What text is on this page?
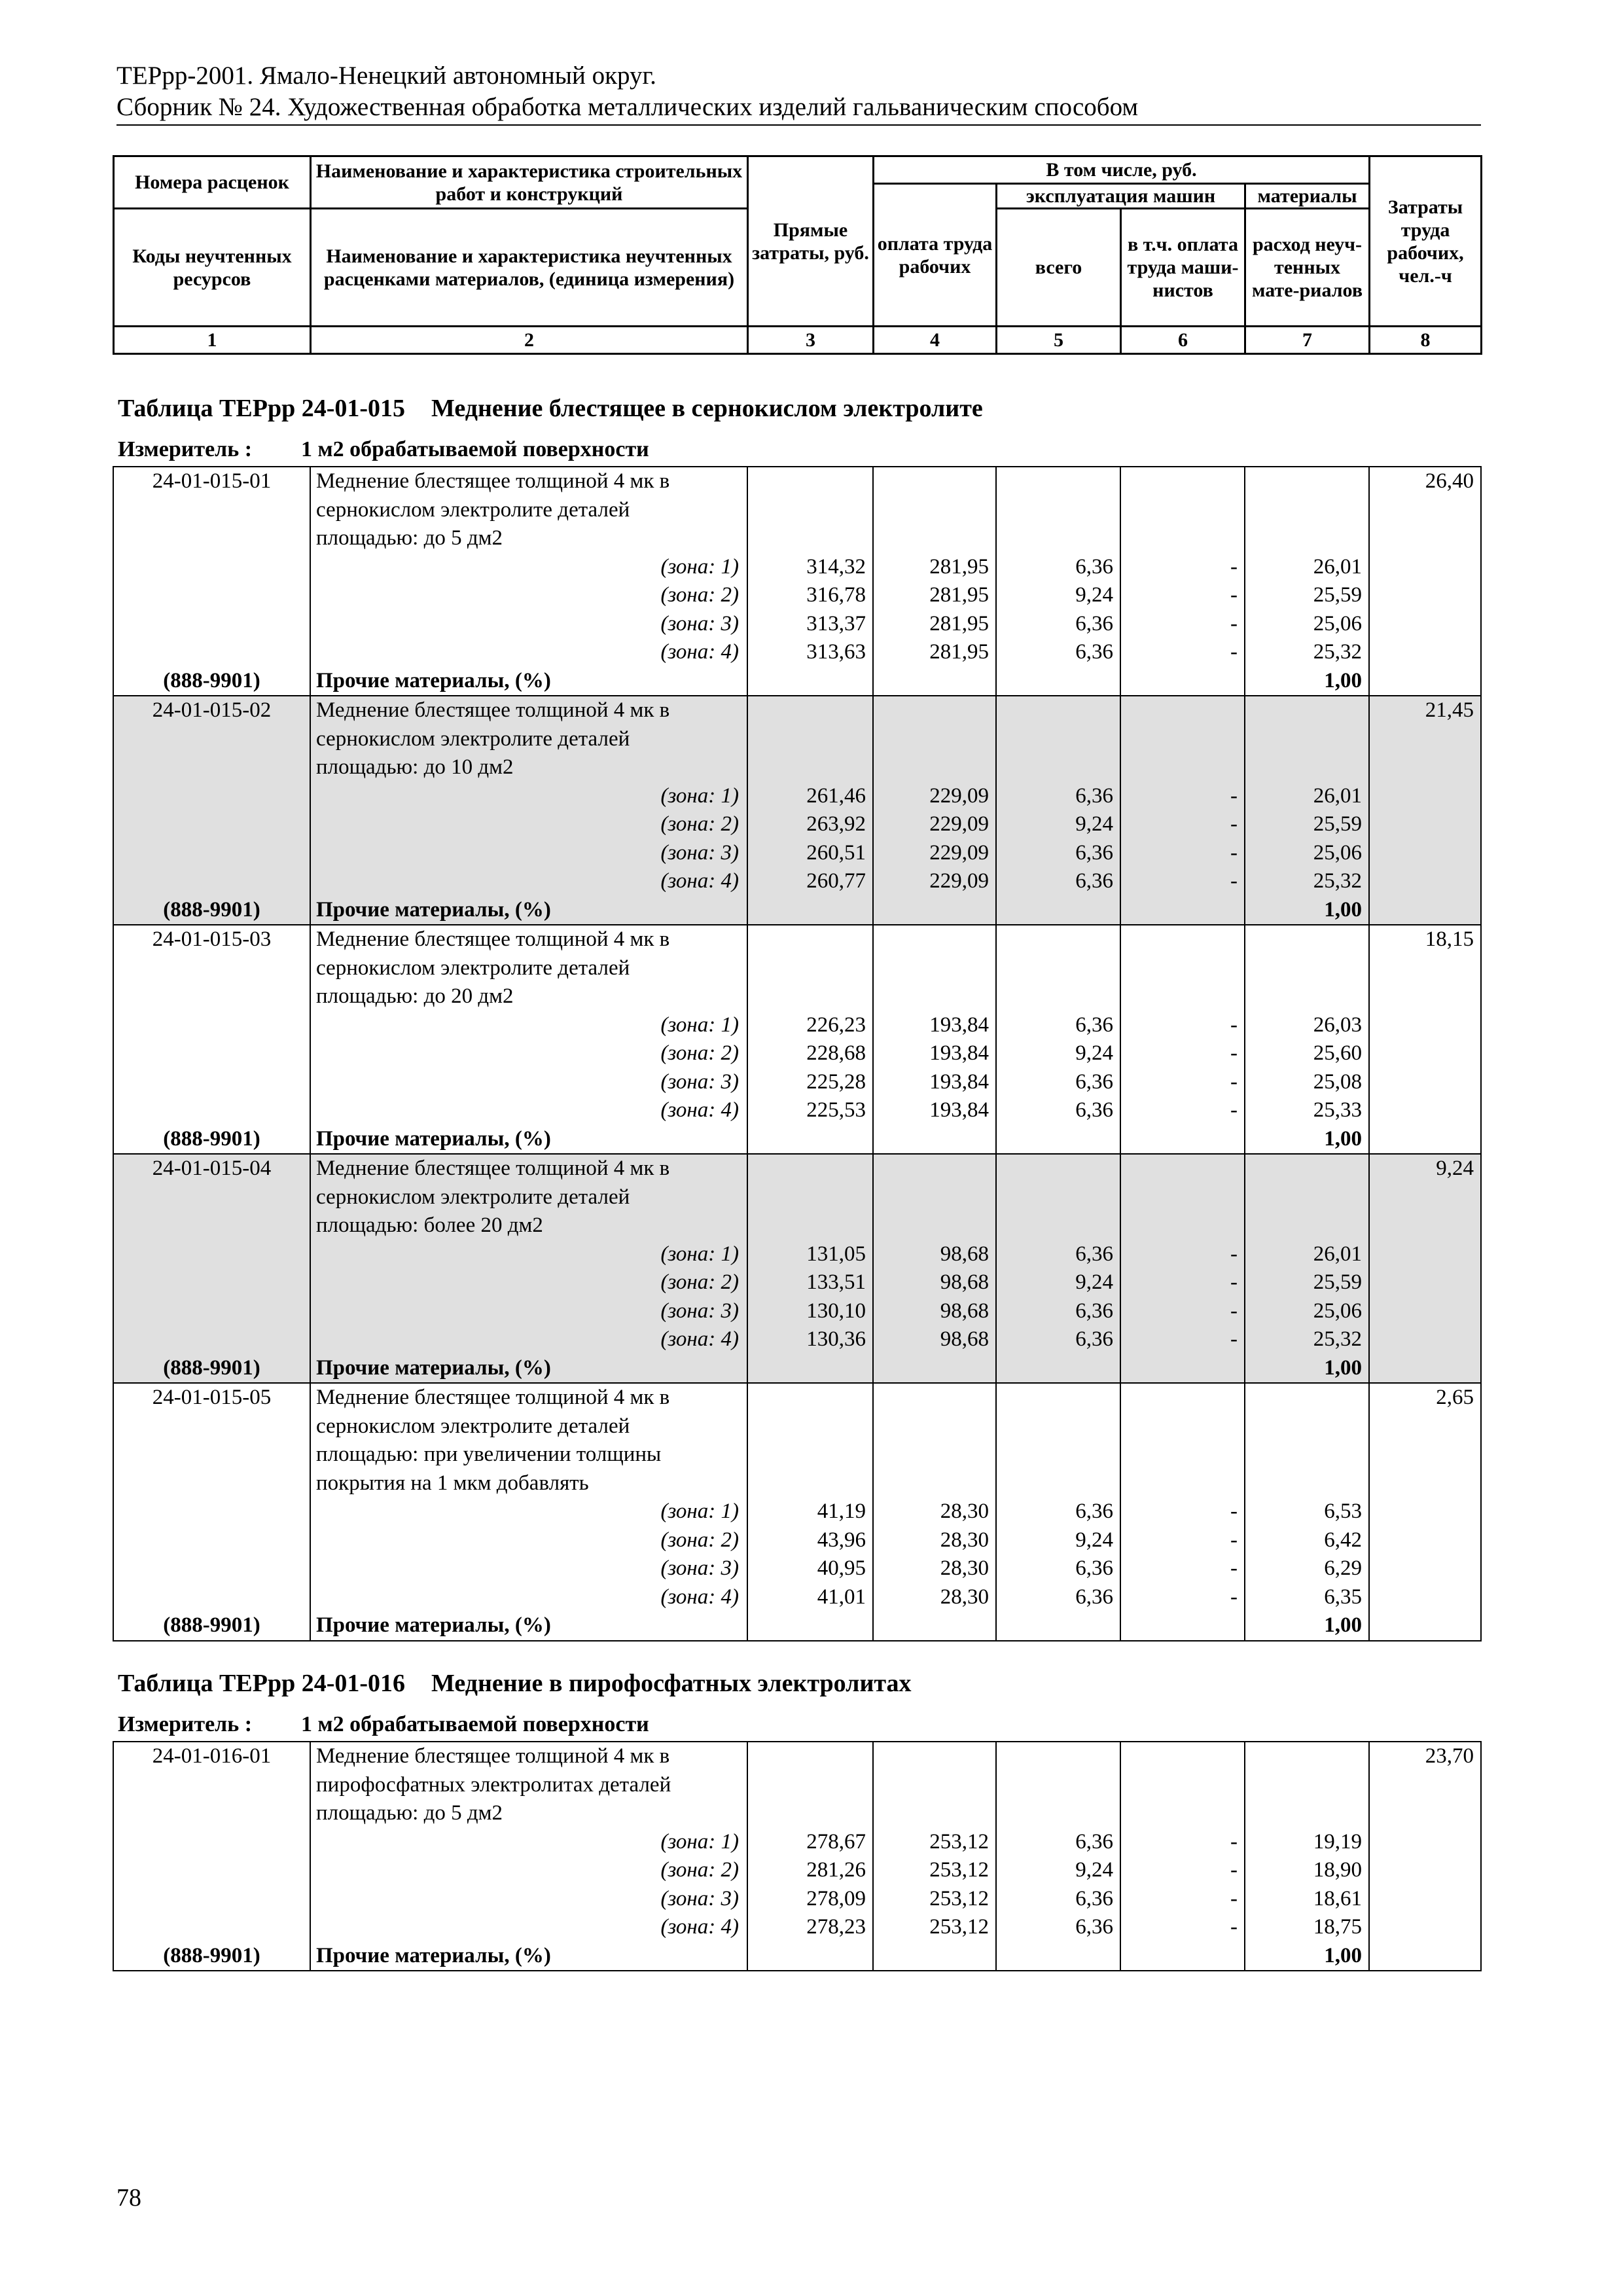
ТЕРрр-2001. Ямало-Ненецкий автономный округ.
Сборник № 24. Художественная обработка металлических изделий гальваническим способом
Номера расценок	Наименование и характеристика строительных работ и конструкций	Прямые затраты, руб.	В том числе, руб.				Затраты труда рабочих, чел.-ч
			оплата труда рабочих	эксплуатация машин		материалы	
Коды неучтенных ресурсов	Наименование и характеристика неучтенных расценками материалов, (единица измерения)			всего	в т.ч. оплата труда маши-нистов	расход неуч-тенных мате-риалов	

1	2	3	4	5	6	7	8
Таблица ТЕРрр 24-01-015 Меднение блестящее в сернокислом электролите
Измеритель : 1 м2 обрабатываемой поверхности
24-01-015-01	Меднение блестящее толщиной 4 мк в						26,40
	сернокислом электролите деталей						
	площадью: до 5 дм2						
	(зона: 1)	314,32	281,95	6,36	-	26,01	
	(зона: 2)	316,78	281,95	9,24	-	25,59	
	(зона: 3)	313,37	281,95	6,36	-	25,06	
	(зона: 4)	313,63	281,95	6,36	-	25,32	
(888-9901)	Прочие материалы, (%)					1,00	
24-01-015-02	Меднение блестящее толщиной 4 мк в						21,45
	сернокислом электролите деталей						
	площадью: до 10 дм2						
	(зона: 1)	261,46	229,09	6,36	-	26,01	
	(зона: 2)	263,92	229,09	9,24	-	25,59	
	(зона: 3)	260,51	229,09	6,36	-	25,06	
	(зона: 4)	260,77	229,09	6,36	-	25,32	
(888-9901)	Прочие материалы, (%)					1,00	
24-01-015-03	Меднение блестящее толщиной 4 мк в						18,15
	сернокислом электролите деталей						
	площадью: до 20 дм2						
	(зона: 1)	226,23	193,84	6,36	-	26,03	
	(зона: 2)	228,68	193,84	9,24	-	25,60	
	(зона: 3)	225,28	193,84	6,36	-	25,08	
	(зона: 4)	225,53	193,84	6,36	-	25,33	
(888-9901)	Прочие материалы, (%)					1,00	
24-01-015-04	Меднение блестящее толщиной 4 мк в						9,24
	сернокислом электролите деталей						
	площадью: более 20 дм2						
	(зона: 1)	131,05	98,68	6,36	-	26,01	
	(зона: 2)	133,51	98,68	9,24	-	25,59	
	(зона: 3)	130,10	98,68	6,36	-	25,06	
	(зона: 4)	130,36	98,68	6,36	-	25,32	
(888-9901)	Прочие материалы, (%)					1,00	
24-01-015-05	Меднение блестящее толщиной 4 мк в						2,65
	сернокислом электролите деталей						
	площадью: при увеличении толщины						
	покрытия на 1 мкм добавлять						
	(зона: 1)	41,19	28,30	6,36	-	6,53	
	(зона: 2)	43,96	28,30	9,24	-	6,42	
	(зона: 3)	40,95	28,30	6,36	-	6,29	
	(зона: 4)	41,01	28,30	6,36	-	6,35	
(888-9901)	Прочие материалы, (%)					1,00	
Таблица ТЕРрр 24-01-016 Меднение в пирофосфатных электролитах
Измеритель : 1 м2 обрабатываемой поверхности
24-01-016-01	Меднение блестящее толщиной 4 мк в						23,70
	пирофосфатных электролитах деталей						
	площадью: до 5 дм2						
	(зона: 1)	278,67	253,12	6,36	-	19,19	
	(зона: 2)	281,26	253,12	9,24	-	18,90	
	(зона: 3)	278,09	253,12	6,36	-	18,61	
	(зона: 4)	278,23	253,12	6,36	-	18,75	
(888-9901)	Прочие материалы, (%)					1,00	
78
